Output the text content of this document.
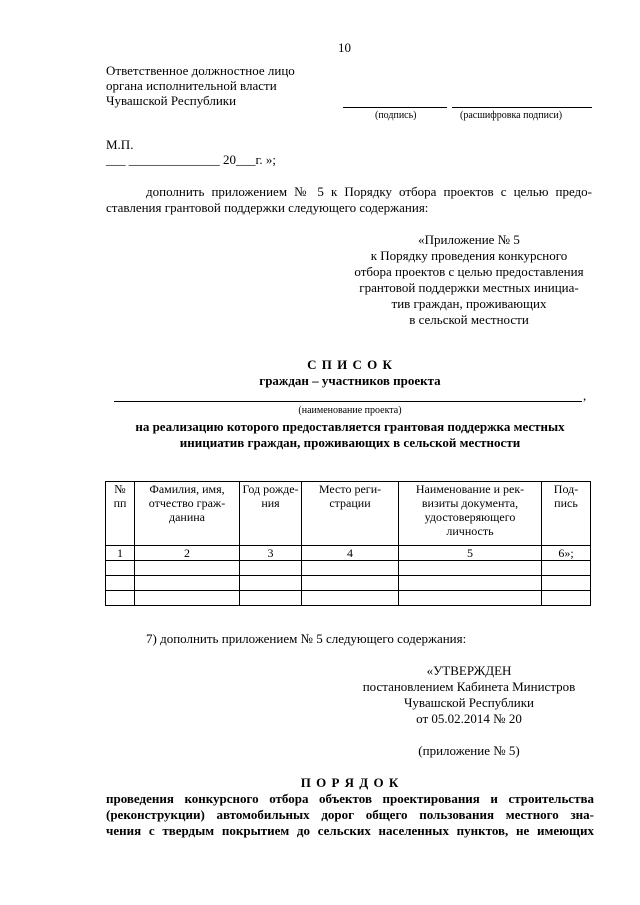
10
Ответственное должностное лицо
органа исполнительной власти
Чувашской Республики
(подпись)	(расшифровка подписи)
М.П.
___ ______________ 20___г. »;
дополнить приложением № 5 к Порядку отбора проектов с целью предо-
ставления грантовой поддержки следующего содержания:
«Приложение № 5
к Порядку проведения конкурсного
отбора проектов с целью предоставления
грантовой поддержки местных инициа-
тив граждан, проживающих
в сельской местности
С П И С О К
граждан – участников проекта
,
(наименование проекта)
на реализацию которого предоставляется грантовая поддержка местных
инициатив граждан, проживающих в сельской местности
№ пп	Фамилия, имя, отчество граж-данина	Год рожде-ния	Место реги-страции	Наименование и рек-визиты документа, удостоверяющего личность	Под-пись
1	2	3	4	5	6»;

7) дополнить приложением № 5 следующего содержания:
«УТВЕРЖДЕН
постановлением Кабинета Министров
Чувашской Республики
от 05.02.2014 № 20
(приложение № 5)
П О Р Я Д О К
проведения конкурсного отбора объектов проектирования и строительства
(реконструкции) автомобильных дорог общего пользования местного зна-
чения с твердым покрытием до сельских населенных пунктов, не имеющих
